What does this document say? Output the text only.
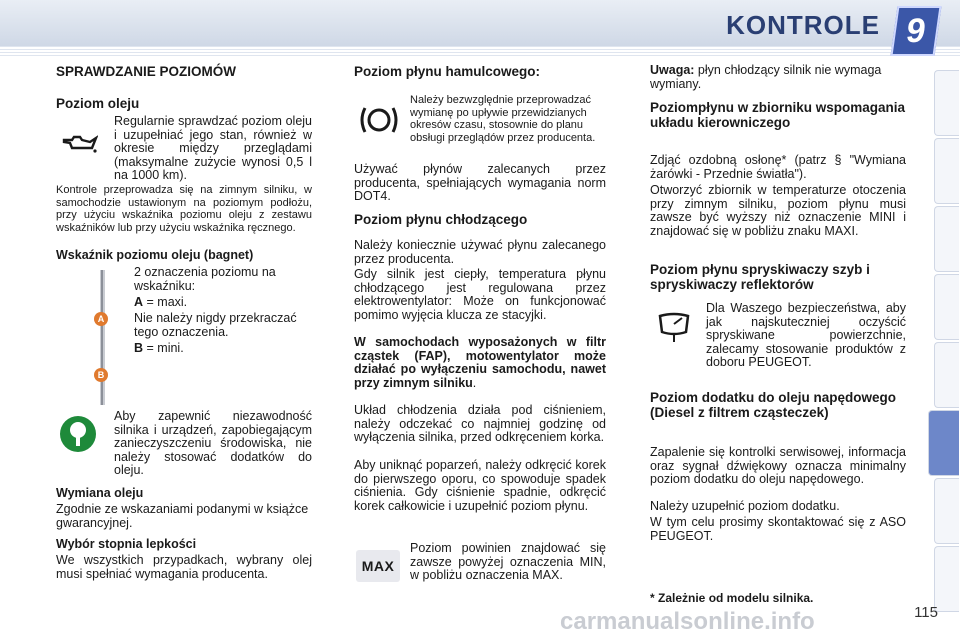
KONTROLE 9
SPRAWDZANIE POZIOMÓW
Poziom oleju

Regularnie sprawdzać poziom oleju i uzupełniać jego stan, również w okresie między przeglądami (maksymalne zużycie wynosi 0,5 l na 1000 km).

Kontrole przeprowadza się na zimnym silniku, w samochodzie ustawionym na poziomym podłożu, przy użyciu wskaźnika poziomu oleju z zestawu wskaźników lub przy użyciu wskaźnika ręcznego.

Wskaźnik poziomu oleju (bagnet)
A
B

2 oznaczenia poziomu na wskaźniku:

A = maxi.

Nie należy nigdy przekraczać tego oznaczenia.

B = mini.

Aby zapewnić niezawodność silnika i urządzeń, zapobiegającym zanieczyszczeniu środowiska, nie należy stosować dodatków do oleju.

Wymiana oleju

Zgodnie ze wskazaniami podanymi w książce gwarancyjnej.

Wybór stopnia lepkości

We wszystkich przypadkach, wybrany olej musi spełniać wymagania producenta.

Poziom płynu hamulcowego:

Należy bezwzględnie przeprowadzać wymianę po upływie przewidzianych okresów czasu, stosownie do planu obsługi przeglądów przez producenta.

Używać płynów zalecanych przez producenta, spełniających wymagania norm DOT4.

Poziom płynu chłodzącego

Należy koniecznie używać płynu zalecanego przez producenta.

Gdy silnik jest ciepły, temperatura płynu chłodzącego jest regulowana przez elektrowentylator: Może on funkcjonować pomimo wyjęcia kluczа ze stacyjki.

W samochodach wyposażonych w filtr cząstek (FAP), motowentylator może działać po wyłączeniu samochodu, nawet przy zimnym silniku.

Układ chłodzenia działa pod ciśnieniem, należy odczekać co najmniej godzinę od wyłączenia silnika, przed odkręceniem korka.

Aby uniknąć poparzeń, należy odkręcić korek do pierwszego oporu, co spowoduje spadek ciśnienia. Gdy ciśnienie spadnie, odkręcić korek całkowicie i uzupełnić poziom płynu.

MAX

Poziom powinien znajdować się zawsze powyżej oznaczenia MIN, w pobliżu oznaczenia MAX.

Uwaga: płyn chłodzący silnik nie wymaga wymiany.

Poziompłynu w zbiorniku wspomagania układu kierowniczego

Zdjąć ozdobną osłonę* (patrz § "Wymiana żarówki - Przednie światła").

Otworzyć zbiornik w temperaturze otoczenia przy zimnym silniku, poziom płynu musi zawsze być wyższy niż oznaczenie MINI i znajdować się w pobliżu znaku MAXI.

Poziom płynu spryskiwaczy szyb i spryskiwaczy reflektorów

Dla Waszego bezpieczeństwa, aby jak najskuteczniej oczyścić spryskiwane powierzchnie, zalecamy stosowanie produktów z doboru PEUGEOT.

Poziom dodatku do oleju napędowego (Diesel z filtrem cząsteczek)

Zapalenie się kontrolki serwisowej, informacja oraz sygnał dźwiękowy oznacza minimalny poziom dodatku do oleju napędowego.

Należy uzupełnić poziom dodatku.

W tym celu prosimy skontaktować się z ASO PEUGEOT.

* Zależnie od modelu silnika.

carmanualsonline.info	115
